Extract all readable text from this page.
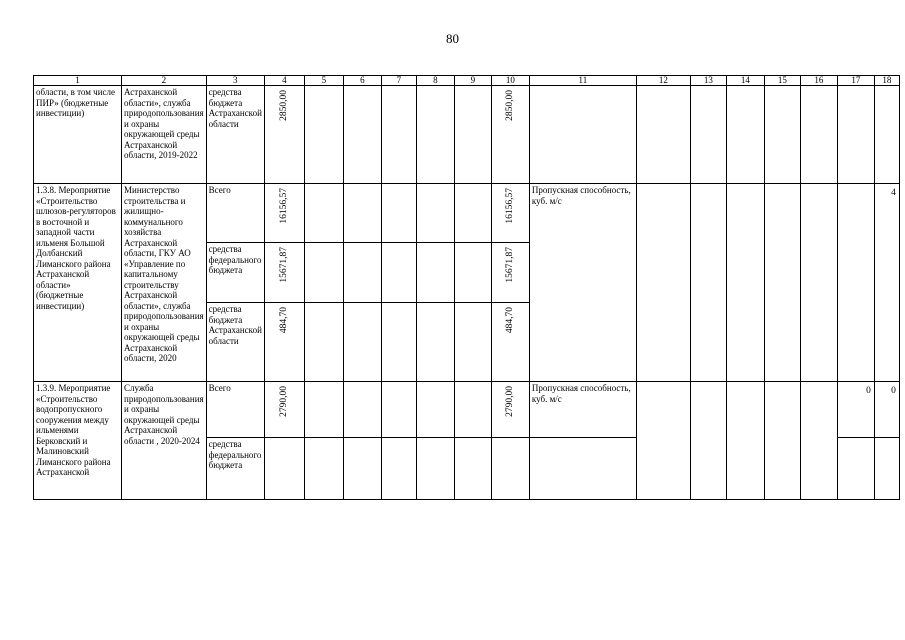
80
1	2	3	4	5	6	7	8	9	10	11	12	13	14	15	16	17	18
области, в том числе ПИР» (бюджетные инвестиции)	Астраханской области», служба природопользования и охраны окружающей среды Астраханской области, 2019-2022	средства бюджета Астраханской области	2850,00						2850,00								

1.3.8. Мероприятие «Строительство шлюзов-регуляторов в восточной и западной части ильменя Большой Долбанский Лиманского района Астраханской области» (бюджетные инвестиции)	Министерство строительства и жилищно-коммунального хозяйства Астраханской области, ГКУ АО «Управление по капитальному строительству Астраханской области», служба природопользования и охраны окружающей среды Астраханской области, 2020	Всего	16156,57						16156,57	Пропускная способность, куб. м/с							4
		средства федерального бюджета	15671,87						15671,87								

		средства бюджета Астраханской области	484,70						484,70								

1.3.9. Мероприятие «Строительство водопропускного сооружения между ильменями Берковский и Малиновский Лиманского района Астраханской	Служба природопользования и охраны окружающей среды Астраханской области , 2020-2024	Всего	2790,00						2790,00	Пропускная способность, куб. м/с						0	0
		средства федерального бюджета						
